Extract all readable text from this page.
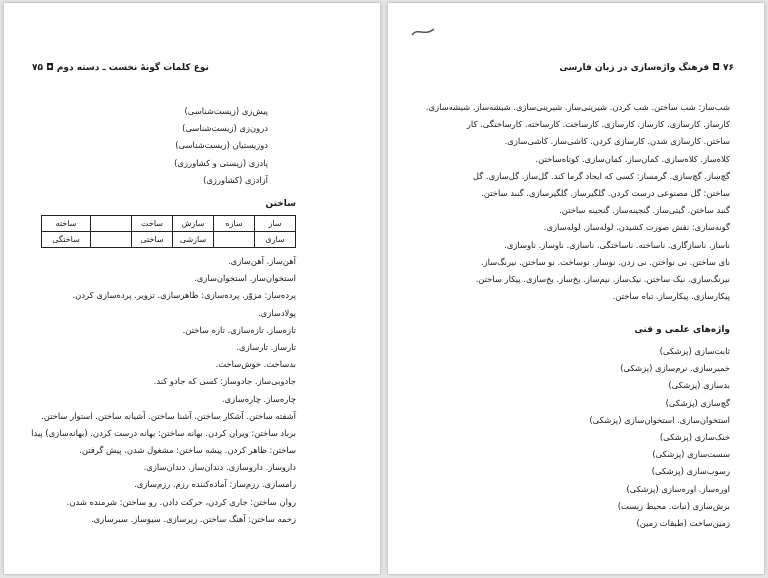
نوع کلمات گونهٔ نخست ـ دسته دوم ◘ ۷۵
پیش‌زی (زیست‌شناسی)
درون‌زی (زیست‌شناسی)
دوزیستیان (زیست‌شناسی)
پادزی (زیستی و کشاورزی)
آزادزی (کشاورزی)
ساختن
ساز	سازه	سازش	ساخت		ساخته
سازی		سازشی	ساختی		ساختگی
آهن‌ساز. آهن‌سازی.
استخوان‌ساز. استخوان‌سازی.
پرده‌ساز: مزوّر. پرده‌سازی: ظاهرسازی. تزویر. پرده‌سازی کردن.
پولادسازی.
تازه‌ساز. تازه‌سازی. تازه ساختن.
تارساز. تارسازی.
بدساخت. خوش‌ساخت.
جادوبی‌ساز. جادوساز: کسی که جادو کند.
چاره‌ساز. چاره‌سازی.
آشفته ساختن. آشکار ساختن. آشنا ساختن. آشیانه ساختن. استوار ساختن.
برباد ساختن: ویران کردن. بهانه ساختن: بهانه درست کردن. (بهانه‌سازی) پیدا
ساختن: ظاهر کردن. پیشه ساختن: مشغول شدن. پیش گرفتن.
داروساز. داروسازی. دندان‌ساز. دندان‌سازی.
رامسازی. رزم‌ساز: آماده‌کننده رزم. رزم‌سازی.
روان ساختن: جاری کردن، حرکت دادن. رو ساختن: شرمنده شدن.
زخمه ساختن: آهنگ ساختن. زیرسازی. سیوساز. سیرسازی.
۷۶ ◘ فرهنگ واژه‌سازی در زبان فارسی
شب‌ساز: شب ساختن. شب کردن. شیرینی‌ساز. شیرینی‌سازی. شیشه‌ساز. شیشه‌سازی.
کارساز. کارسازی. کارساز. کارسازی. کارساخت. کارساخته. کارساختگی. کار
ساختن. کارسازی شدن. کارسازی کردن. کاشی‌ساز. کاشی‌سازی.
کلاه‌ساز. کلاه‌سازی. کمان‌ساز. کمان‌سازی. کوتاه‌ساختن.
گچ‌ساز. گچ‌سازی. گرمساز: کسی که ایجاد گرما کند. گل‌ساز. گل‌سازی. گل
ساختن: گل مصنوعی درست کردن. گلگیرساز. گلگیرسازی. گنبد ساختن.
گنبد ساختن. گیتی‌ساز. گنجینه‌ساز. گنجینه ساختن.
گونه‌سازی: نقش صورت کشیدن. لوله‌ساز. لوله‌سازی.
ناساز. ناسازگاری. ناساخته. ناساختگی. ناسازی. ناوساز. ناوسازی.
نای ساختن. نی نواختن. نی زدن. نوساز. نوساخت. نو ساختن. نیرنگ‌ساز.
نیرنگ‌سازی. نیک ساختن. نیک‌ساز. نیم‌ساز. یخ‌ساز. یخ‌سازی. پیکار ساختن.
پیکارسازی. پیکارساز. تباه ساختن.
واژه‌های علمی و فنی
ثابت‌سازی (پزشکی)
خمیرسازی. نرم‌سازی (پزشکی)
بدسازی (پزشکی)
گچ‌سازی (پزشکی)
استخوان‌سازی. استخوان‌سازی (پزشکی)
خنک‌سازی (پزشکی)
سست‌سازی (پزشکی)
رسوب‌سازی (پزشکی)
اوره‌ساز. اوره‌سازی (پزشکی)
برش‌سازی (نبات. محیط زیست)
زمین‌ساخت (طبقات زمین)
